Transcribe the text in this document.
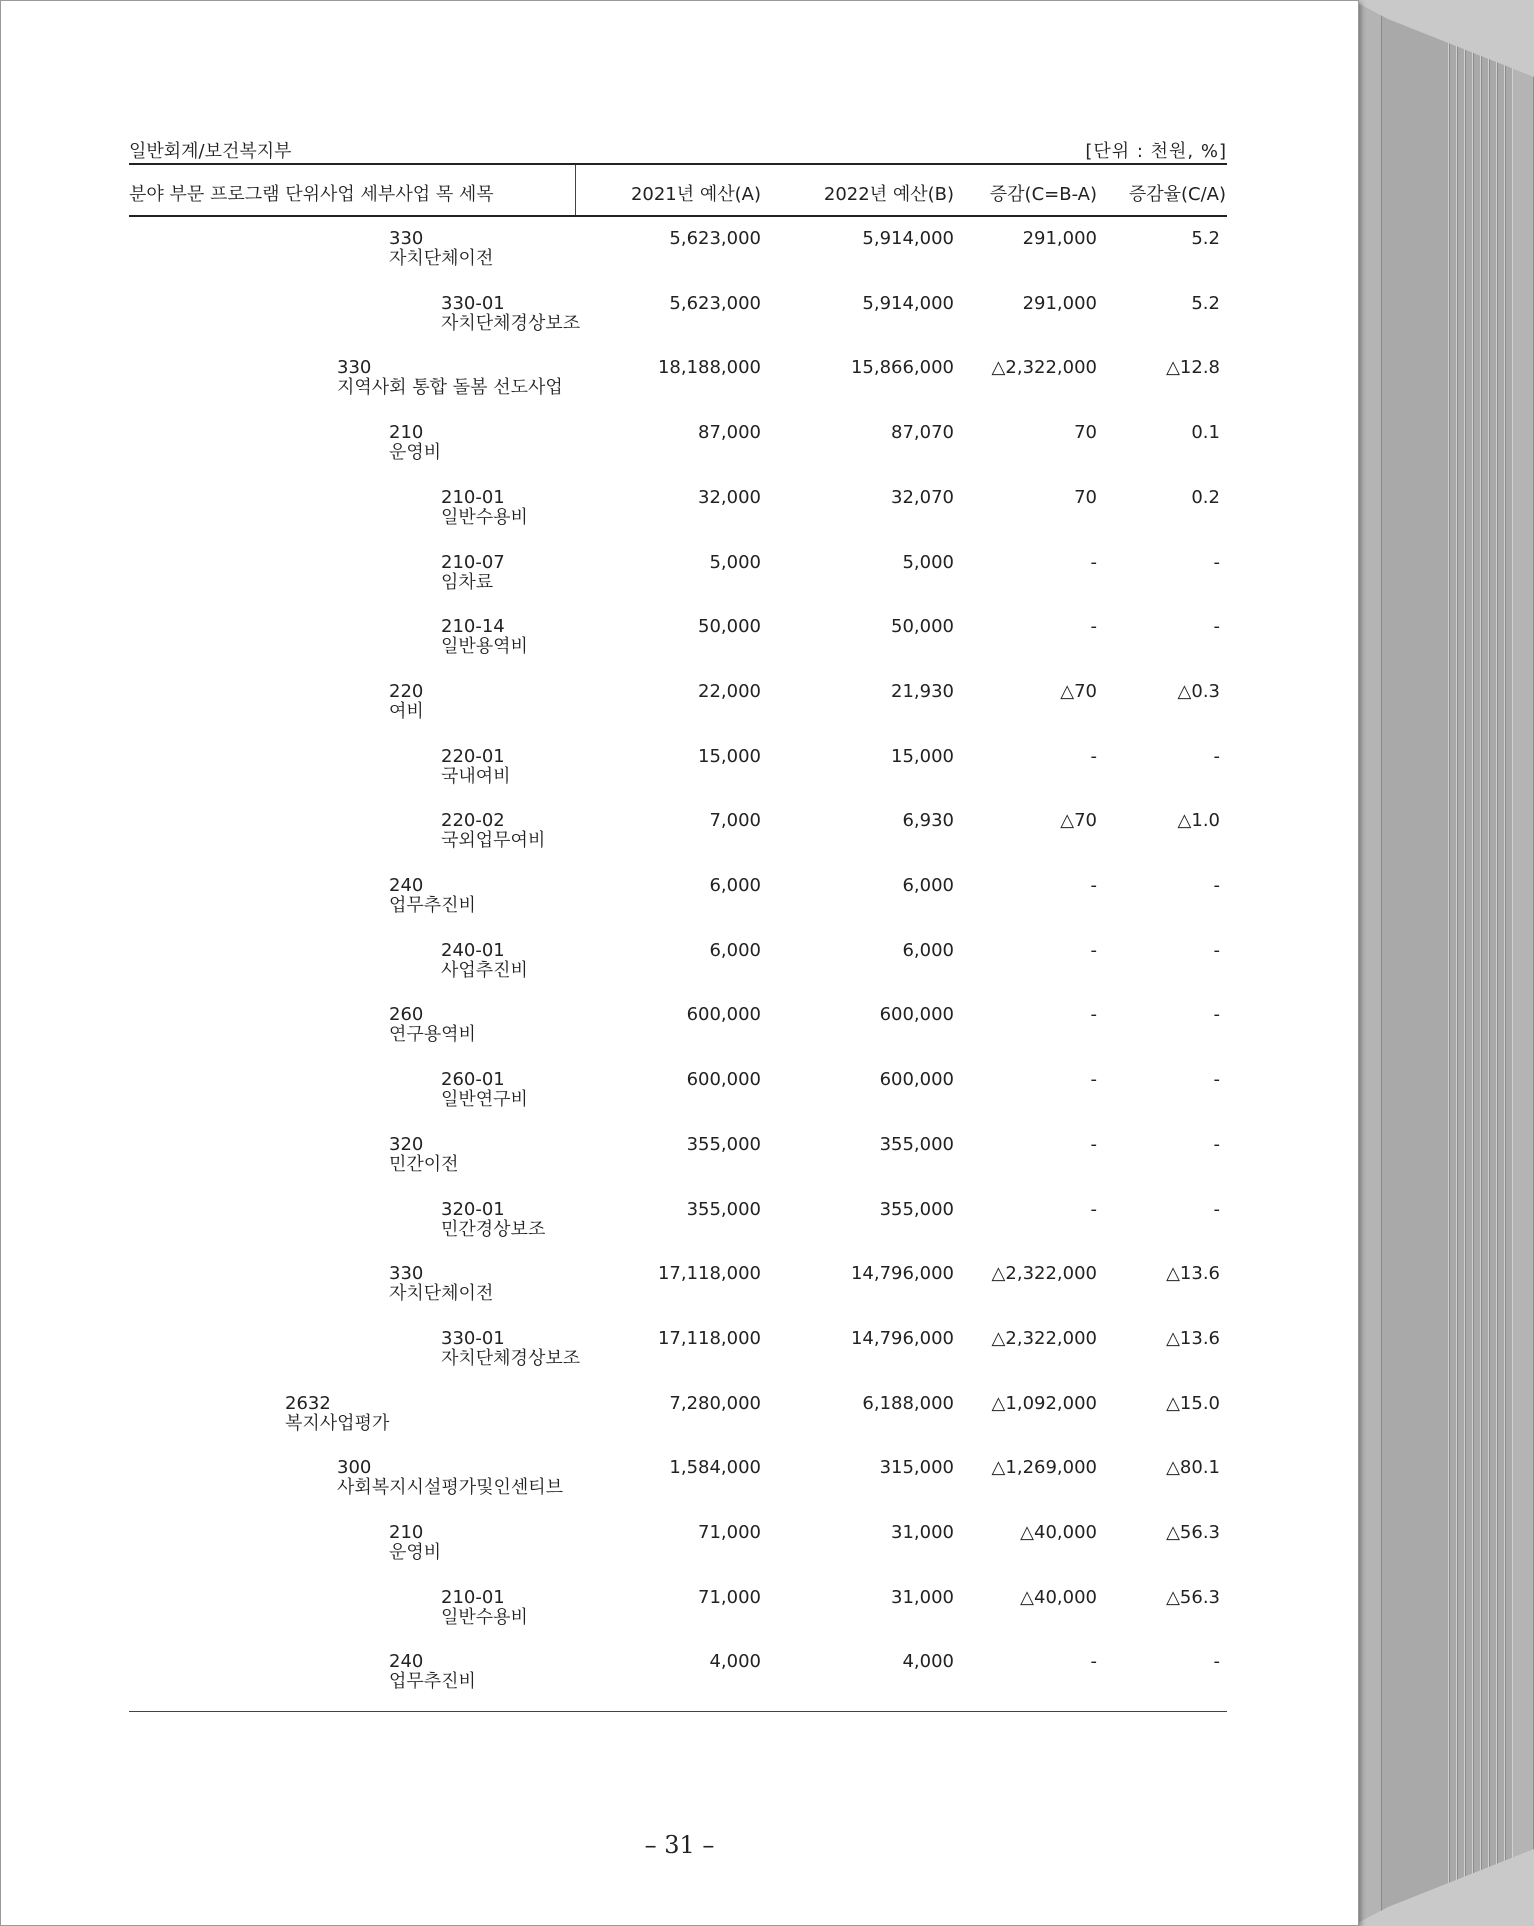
일반회계/보건복지부	[단위 : 천원, %]
분야 부문 프로그램 단위사업 세부사업 목 세목	2021년 예산(A)	2022년 예산(B) 증감(C=B-A) 증감율(C/A)
330
자치단체이전
5,623,000	5,914,000	291,000	5.2
330-01
자치단체경상보조
5,623,000	5,914,000	291,000	5.2
330
지역사회 통합 돌봄 선도사업
18,188,000	15,866,000 △2,322,000	△12.8
210
운영비
87,000	87,070	70	0.1
210-01
일반수용비
32,000	32,070	70	0.2
210-07
임차료
5,000	5,000	-	-
210-14
일반용역비
50,000	50,000	-	-
220
여비
22,000	21,930	△70	△0.3
220-01
국내여비
15,000	15,000	-	-
220-02
국외업무여비
7,000	6,930	△70	△1.0
240
업무추진비
6,000	6,000	-	-
240-01
사업추진비
6,000	6,000	-	-
260
연구용역비
600,000	600,000	-	-
260-01
일반연구비
600,000	600,000	-	-
320
민간이전
355,000	355,000	-	-
320-01
민간경상보조
355,000	355,000	-	-
330
자치단체이전
17,118,000	14,796,000 △2,322,000	△13.6
330-01
자치단체경상보조
17,118,000	14,796,000 △2,322,000	△13.6
2632
복지사업평가
7,280,000	6,188,000 △1,092,000	△15.0
300
사회복지시설평가및인센티브
1,584,000	315,000 △1,269,000	△80.1
210
운영비
71,000	31,000	△40,000	△56.3
210-01
일반수용비
71,000	31,000	△40,000	△56.3
240
업무추진비
4,000	4,000	-	-
– 31 –
